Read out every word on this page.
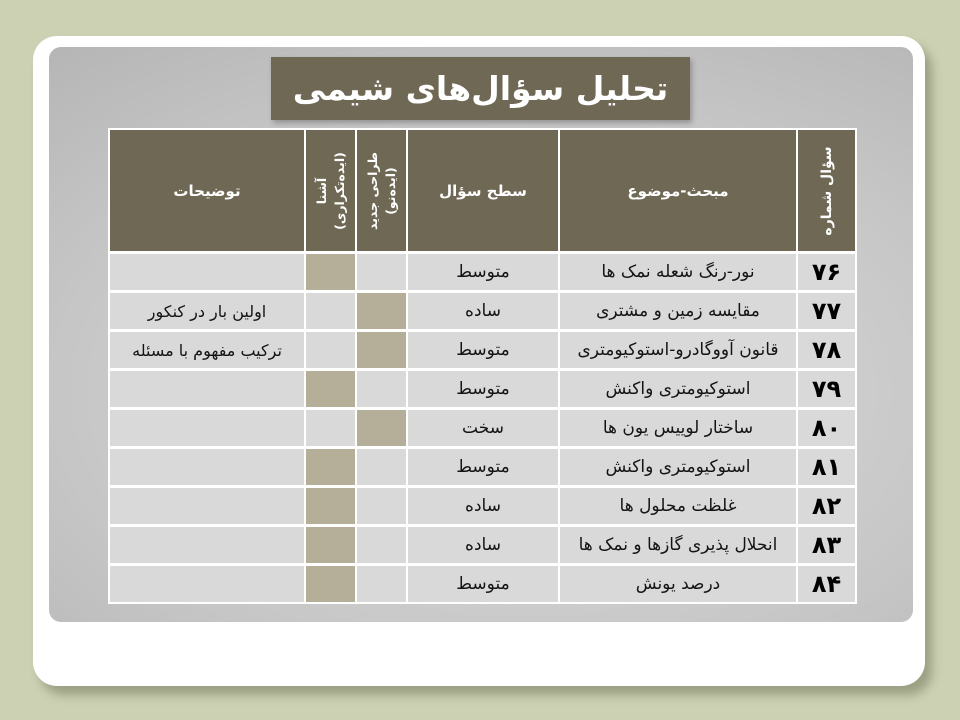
تحلیل سؤال‌های شیمی
سؤال شماره
مبحث-موضوع
سطح سؤال
طراحی جدید (ایده‌نو)
آشنا (ایده‌تکراری)
توضیحات
۷۶
نور-رنگ شعله نمک ها
متوسط
۷۷
مقایسه زمین و مشتری
ساده
اولین بار در کنکور
۷۸
قانون آووگادرو-استوکیومتری
متوسط
ترکیب مفهوم با مسئله
۷۹
استوکیومتری واکنش
متوسط
۸۰
ساختار لوییس یون ها
سخت
۸۱
استوکیومتری واکنش
متوسط
۸۲
غلظت محلول ها
ساده
۸۳
انحلال پذیری گازها و نمک ها
ساده
۸۴
درصد یونش
متوسط
